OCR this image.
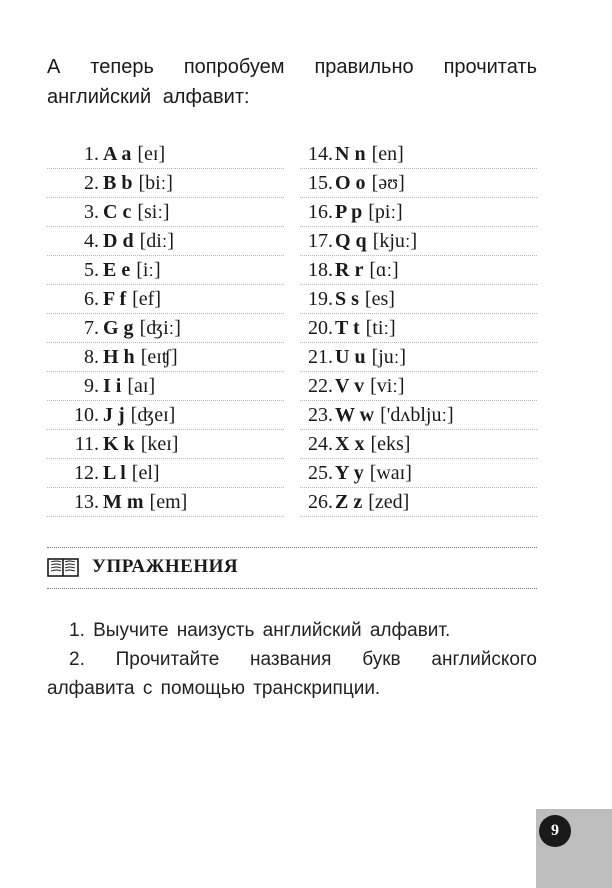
А теперь попробуем правильно прочитать
английский алфавит:
1. A a [eɪ]
2. B b [biː]
3. C c [siː]
4. D d [diː]
5. E e [iː]
6. F f [ef]
7. G g [ʤiː]
8. H h [eɪʧ]
9. I i [aɪ]
10. J j [ʤeɪ]
11. K k [keɪ]
12. L l [el]
13. M m [em]
14. N n [en]
15. O o [əʊ]
16. P p [piː]
17. Q q [kjuː]
18. R r [ɑː]
19. S s [es]
20. T t [tiː]
21. U u [juː]
22. V v [viː]
23. W w ['dʌbljuː]
24. X x [eks]
25. Y y [waɪ]
26. Z z [zed]
УПРАЖНЕНИЯ

1. Выучите наизусть английский алфавит.

2. Прочитайте названия букв английского алфавита с помощью транскрипции.

9
